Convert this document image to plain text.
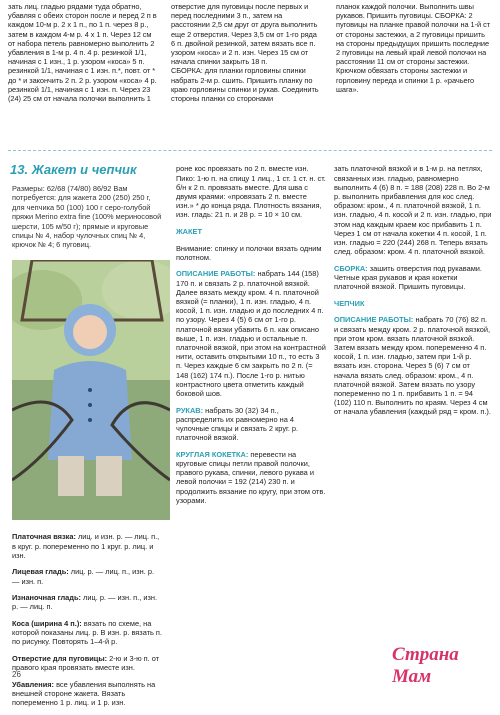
зать лиц. гладью рядами туда обратно, убавляя с обеих сторон после и перед 2 п в каждом 10-м р. 2 х 1 п., по 1 п. через 8 р., затем в каждом 4-м р. 4 х 1 п. Через 12 см от набора петель равномерно выполнить 2 убавления в 1-м р. 4 п. 4 р. резинкой 1/1, начиная с 1 изн., 1 р. узором «коса» 5 п. резинкой 1/1, начиная с 1 изн. п.*, повт. от * до * и закончить 2 п. 2 р. узором «коса» 4 р. резинкой 1/1, начиная с 1 изн. п. Через 23 (24) 25 см от начала полочки выполнить 1

отверстие для пуговицы после первых и перед последними 3 п., затем на расстоянии 2,5 см друг от друга выполнить еще 2 отверстия. Через 3,5 см от 1-го ряда 6 п. двойной резинкой, затем вязать все п. узором «коса» и 2 п. изн. Через 15 см от начала спинки закрыть 18 п.

СБОРКА: для планки горловины спинки набрать 2-м р. сшить. Пришить планку по краю горловины спинки и рукав. Соединить стороны планки со сторонами

планок каждой полочки. Выполнить швы рукавов. Пришить пуговицы. СБОРКА: 2 пуговицы на планке правой полочки на 1-й ст от стороны застежки, а 2 пуговицы пришить на стороны предыдущих пришить последние 2 пуговицы на левый край левой полочки на расстоянии 11 см от стороны застежки. Крючком обвязать стороны застежки и горловину переда и спинки 1 р. «рачьего шага».

13. Жакет и чепчик
Размеры: 62/68 (74/80) 86/92 Вам потребуется: для жакета 200 (250) 250 г, для чепчика 50 (100) 100 г серо-голубой пряжи Merino extra fine (100% мериносовой шерсти, 105 м/50 г); прямые и круговые спицы № 4, набор чулочных спиц № 4, крючок № 4; 6 пуговиц.

Платочная вязка: лиц. и изн. р. — лиц. п., в круг. р. попеременно по 1 круг. р. лиц. и изн.

Лицевая гладь: лиц. р. — лиц. п., изн. р. — изн. п.

Изнаночная гладь: лиц. р. — изн. п., изн. р. — лиц. п.

Коса (ширина 4 п.): вязать по схеме, на которой показаны лиц. р. В изн. р. вязать п. по рисунку. Повторять 1–4-й р.

Отверстие для пуговицы: 2-ю и 3-ю п. от правого края провязать вместе изн.

Убавления: все убавления выполнять на внешней стороне жакета. Вязать попеременно 1 р. лиц. и 1 р. изн.

роне кос провязать по 2 п. вместе изн. Пико: 1-ю п. на спицу 1 лиц., 1 ст. 1 ст. н. ст. б/н к 2 п. провязать вместе. Для шва с двумя краями: «провязать 2 п. вместе изн.» * до конца ряда. Плотность вязания, изн. гладь: 21 п. и 28 р. = 10 × 10 см.

ЖАКЕТ

Внимание: спинку и полочки вязать одним полотном.

ОПИСАНИЕ РАБОТЫ: набрать 144 (158) 170 п. и связать 2 р. платочной вязкой. Далее вязать между кром. 4 п. платочной вязкой (= планки), 1 п. изн. гладью, 4 п. косой, 1 п. изн. гладью и до последних 4 п. по узору. Через 4 (5) 6 см от 1-го р. платочной вязки убавить 6 п. как описано выше, 1 п. изн. гладью и остальные п. платочной вязкой, при этом на контрастной нити, оставить открытыми 10 п., то есть 3 п. Через каждые 6 см закрыть по 2 п. (= 148 (162) 174 п.). После 1-го р. нитью контрастного цвета отметить каждый боковой шов.

РУКАВ: набрать 30 (32) 34 п., распределить их равномерно на 4 чулочные спицы и связать 2 круг. р. платочной вязкой.

КРУГЛАЯ КОКЕТКА: перевести на круговые спицы петли правой полочки, правого рукава, спинки, левого рукава и левой полочки = 192 (214) 230 п. и продолжить вязание по кругу, при этом отв. узорами.

зать платочной вязкой и в 1-м р. на петлях, связанных изн. гладью, равномерно выполнить 4 (6) 8 п. = 188 (208) 228 п. Во 2-м р. выполнить прибавления для кос след. образом: кром., 4 п. платочной вязкой, 1 п. изн. гладью, 4 п. косой и 2 п. изн. гладью, при этом над каждым краем кос прибавить 1 п. Через 1 см от начала кокетки 4 п. косой, 1 п. изн. гладью = 220 (244) 268 п. Теперь вязать след. образом: кром. 4 п. платочной вязкой.

СБОРКА: зашить отверстия под рукавами. Четные края рукавов и края кокетки платочной вязкой. Пришить пуговицы.

ЧЕПЧИК

ОПИСАНИЕ РАБОТЫ: набрать 70 (76) 82 п. и связать между кром. 2 р. платочной вязкой, при этом кром. вязать платочной вязкой. Затем вязать между кром. попеременно 4 п. косой, 1 п. изн. гладью, затем при 1-й р. вязать изн. сторона. Через 5 (6) 7 см от начала вязать след. образом: кром., 4 п. платочной вязкой. Затем вязать по узору попеременно по 1 п. прибавить 1 п. = 94 (102) 110 п. Выполнить по краям. Через 4 см от начала убавления (каждый ряд = кром. п.).

26
Страна Мам
